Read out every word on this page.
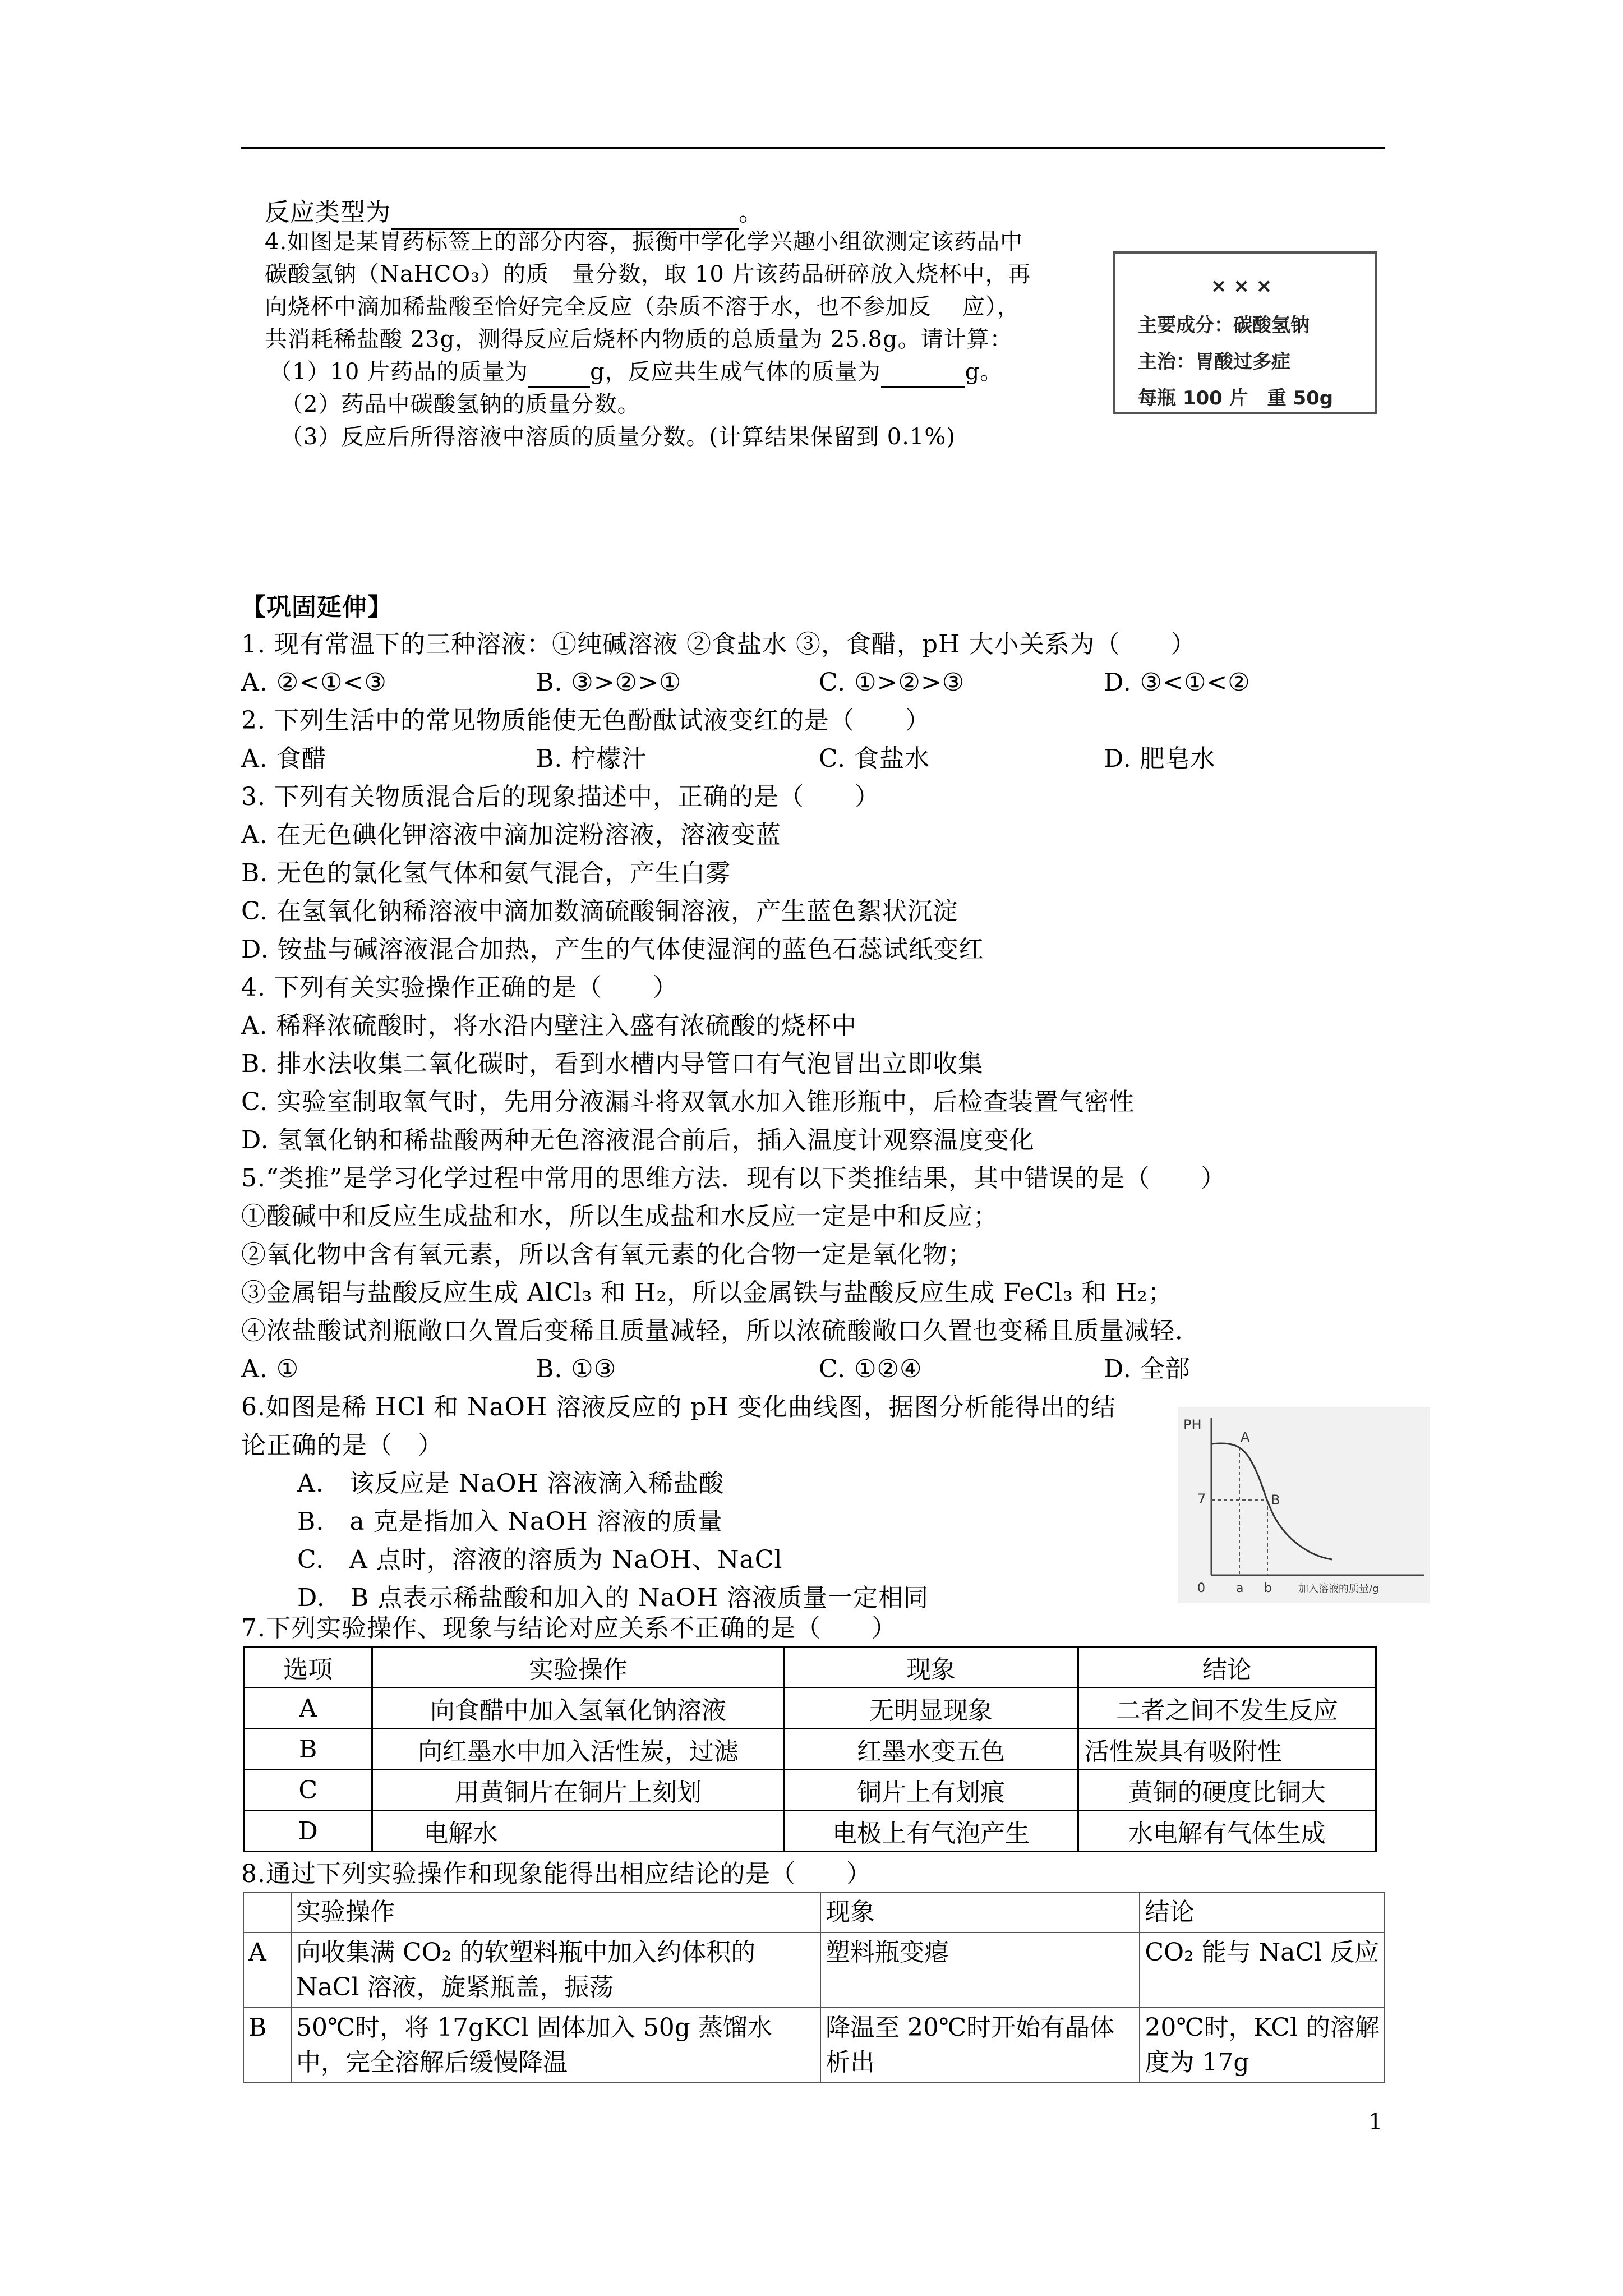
反应类型为	。
4.如图是某胃药标签上的部分内容，振衡中学化学兴趣小组欲测定该药品中
碳酸氢钠（NaHCO₃）的质　量分数，取 10 片该药品研碎放入烧杯中，再
向烧杯中滴加稀盐酸至恰好完全反应（杂质不溶于水，也不参加反　 应），
共消耗稀盐酸 23g，测得反应后烧杯内物质的总质量为 25.8g。请计算：
（1）10 片药品的质量为	g，反应共生成气体的质量为	g。
（2）药品中碳酸氢钠的质量分数。
（3）反应后所得溶液中溶质的质量分数。(计算结果保留到 0.1%)
× × ×
主要成分：碳酸氢钠
主治：胃酸过多症
每瓶 100 片　重 50g
【巩固延伸】
1. 现有常温下的三种溶液：①纯碱溶液 ②食盐水 ③，食醋，pH 大小关系为（　　）
A. ②<①<③	B. ③>②>①	C. ①>②>③	D. ③<①<②
2. 下列生活中的常见物质能使无色酚酞试液变红的是（　　）
A. 食醋	B. 柠檬汁	C. 食盐水	D. 肥皂水
3. 下列有关物质混合后的现象描述中，正确的是（　　）
A. 在无色碘化钾溶液中滴加淀粉溶液，溶液变蓝
B. 无色的氯化氢气体和氨气混合，产生白雾
C. 在氢氧化钠稀溶液中滴加数滴硫酸铜溶液，产生蓝色絮状沉淀
D. 铵盐与碱溶液混合加热，产生的气体使湿润的蓝色石蕊试纸变红
4. 下列有关实验操作正确的是（　　）
A. 稀释浓硫酸时，将水沿内壁注入盛有浓硫酸的烧杯中
B. 排水法收集二氧化碳时，看到水槽内导管口有气泡冒出立即收集
C. 实验室制取氧气时，先用分液漏斗将双氧水加入锥形瓶中，后检查装置气密性
D. 氢氧化钠和稀盐酸两种无色溶液混合前后，插入温度计观察温度变化
5.“类推”是学习化学过程中常用的思维方法．现有以下类推结果，其中错误的是（　　）
①酸碱中和反应生成盐和水，所以生成盐和水反应一定是中和反应；
②氧化物中含有氧元素，所以含有氧元素的化合物一定是氧化物；
③金属铝与盐酸反应生成 AlCl₃ 和 H₂，所以金属铁与盐酸反应生成 FeCl₃ 和 H₂；
④浓盐酸试剂瓶敞口久置后变稀且质量减轻，所以浓硫酸敞口久置也变稀且质量减轻．
A. ①	B. ①③	C. ①②④	D. 全部
6.如图是稀 HCl 和 NaOH 溶液反应的 pH 变化曲线图，据图分析能得出的结
论正确的是（　）
A.　该反应是 NaOH 溶液滴入稀盐酸
B.　a 克是指加入 NaOH 溶液的质量
C.　A 点时，溶液的溶质为 NaOH、NaCl
D.　B 点表示稀盐酸和加入的 NaOH 溶液质量一定相同
PH
7
A
B
0	a b	加入溶液的质量/g
7.下列实验操作、现象与结论对应关系不正确的是（　　）
选项	实验操作	现象	结论
A	向食醋中加入氢氧化钠溶液	无明显现象	二者之间不发生反应
B	向红墨水中加入活性炭，过滤	红墨水变五色	活性炭具有吸附性
C	用黄铜片在铜片上刻划	铜片上有划痕	黄铜的硬度比铜大
D	电解水	电极上有气泡产生	水电解有气体生成
8.通过下列实验操作和现象能得出相应结论的是（　　）
	实验操作	现象	结论
A	向收集满 CO₂ 的软塑料瓶中加入约体积的 NaCl 溶液，旋紧瓶盖，振荡	塑料瓶变瘪	CO₂ 能与 NaCl 反应
B	50℃时，将 17gKCl 固体加入 50g 蒸馏水中，完全溶解后缓慢降温	降温至 20℃时开始有晶体析出	20℃时，KCl 的溶解度为 17g
1
